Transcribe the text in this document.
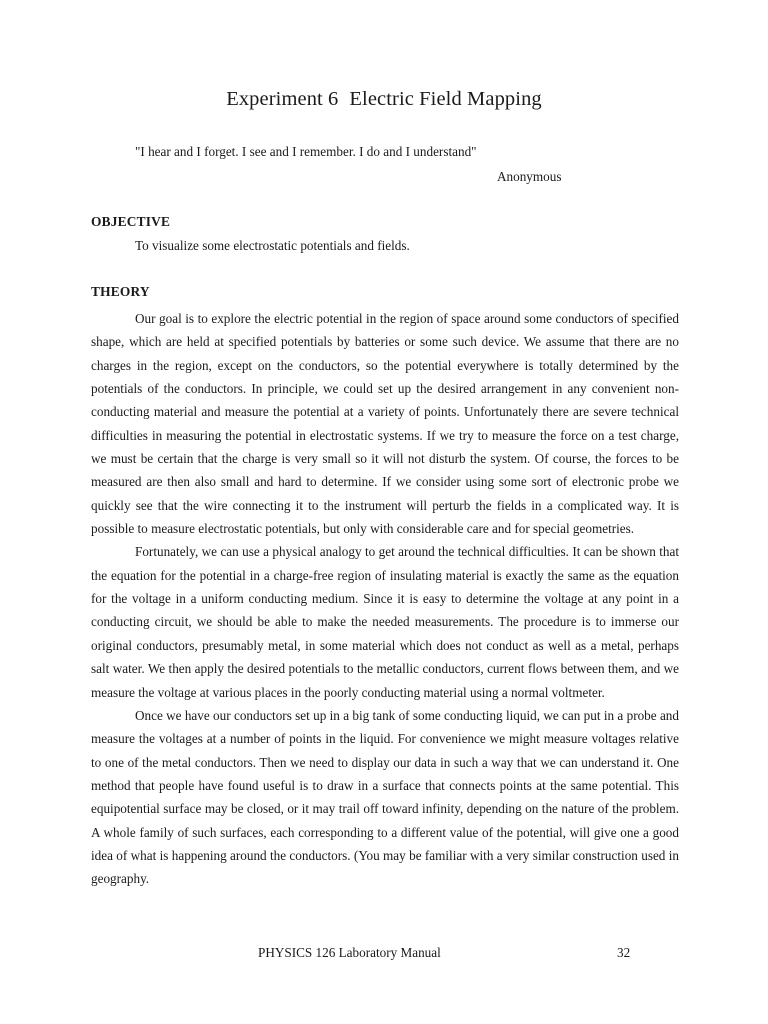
Experiment 6 Electric Field Mapping
"I hear and I forget. I see and I remember. I do and I understand"
Anonymous
OBJECTIVE
To visualize some electrostatic potentials and fields.
THEORY

Our goal is to explore the electric potential in the region of space around some conductors of specified shape, which are held at specified potentials by batteries or some such device. We assume that there are no charges in the region, except on the conductors, so the potential everywhere is totally determined by the potentials of the conductors. In principle, we could set up the desired arrangement in any convenient non-conducting material and measure the potential at a variety of points. Unfortunately there are severe technical difficulties in measuring the potential in electrostatic systems. If we try to measure the force on a test charge, we must be certain that the charge is very small so it will not disturb the system. Of course, the forces to be measured are then also small and hard to determine. If we consider using some sort of electronic probe we quickly see that the wire connecting it to the instrument will perturb the fields in a complicated way. It is possible to measure electrostatic potentials, but only with considerable care and for special geometries.

Fortunately, we can use a physical analogy to get around the technical difficulties. It can be shown that the equation for the potential in a charge-free region of insulating material is exactly the same as the equation for the voltage in a uniform conducting medium. Since it is easy to determine the voltage at any point in a conducting circuit, we should be able to make the needed measurements. The procedure is to immerse our original conductors, presumably metal, in some material which does not conduct as well as a metal, perhaps salt water. We then apply the desired potentials to the metallic conductors, current flows between them, and we measure the voltage at various places in the poorly conducting material using a normal voltmeter.

Once we have our conductors set up in a big tank of some conducting liquid, we can put in a probe and measure the voltages at a number of points in the liquid. For convenience we might measure voltages relative to one of the metal conductors. Then we need to display our data in such a way that we can understand it. One method that people have found useful is to draw in a surface that connects points at the same potential. This equipotential surface may be closed, or it may trail off toward infinity, depending on the nature of the problem. A whole family of such surfaces, each corresponding to a different value of the potential, will give one a good idea of what is happening around the conductors. (You may be familiar with a very similar construction used in geography.

PHYSICS 126 Laboratory Manual	32
